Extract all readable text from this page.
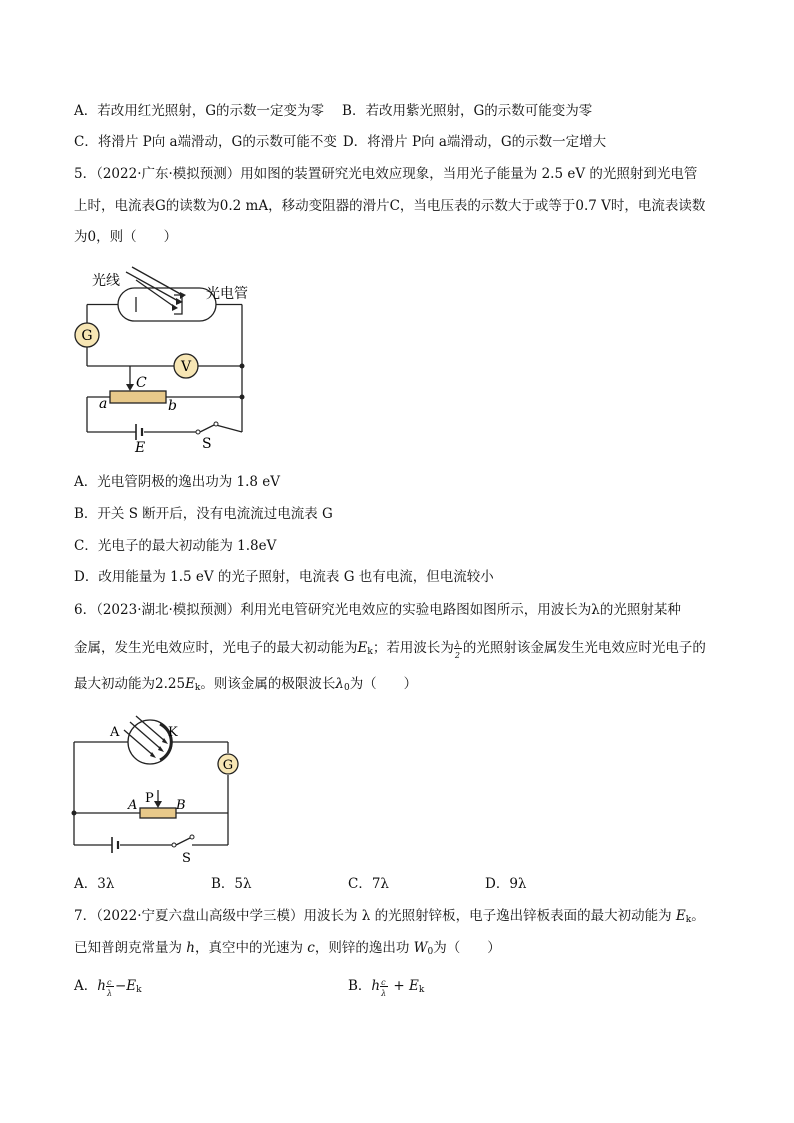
A．若改用红光照射，G的示数一定变为零 B．若改用紫光照射，G的示数可能变为零
C．将滑片 P向 a端滑动，G的示数可能不变 D．将滑片 P向 a端滑动，G的示数一定增大
5．（2022·广东·模拟预测）用如图的装置研究光电效应现象，当用光子能量为 2.5 eV 的光照射到光电管
上时，电流表G的读数为0.2 mA，移动变阻器的滑片C，当电压表的示数大于或等于0.7 V时，电流表读数
为0，则（　　）
G
V
光线
光电管
C
a	b
E	S
A．光电管阴极的逸出功为 1.8 eV
B．开关 S 断开后，没有电流流过电流表 G
C．光电子的最大初动能为 1.8eV
D．改用能量为 1.5 eV 的光子照射，电流表 G 也有电流，但电流较小
6．（2023·湖北·模拟预测）利用光电管研究光电效应的实验电路图如图所示，用波长为λ的光照射某种
金属，发生光电效应时，光电子的最大初动能为$E_k$；若用波长为 λ
2 的光照射该金属发生光电效应时光电子的
最大初动能为$2.25E_k$。则该金属的极限波长$\lambda_0$为（　　）
G
A	K
P
A	B
S
A．3λ	B．5λ	C．7λ	D．9λ
7．（2022·宁夏六盘山高级中学三模）用波长为 λ 的光照射锌板，电子逸出锌板表面的最大初动能为 $E_k$。
已知普朗克常量为 h，真空中的光速为 c，则锌的逸出功 $W_0$为（　　）
A．h c
$\lambda -E_k$	B．h c
$\lambda + E_k$
